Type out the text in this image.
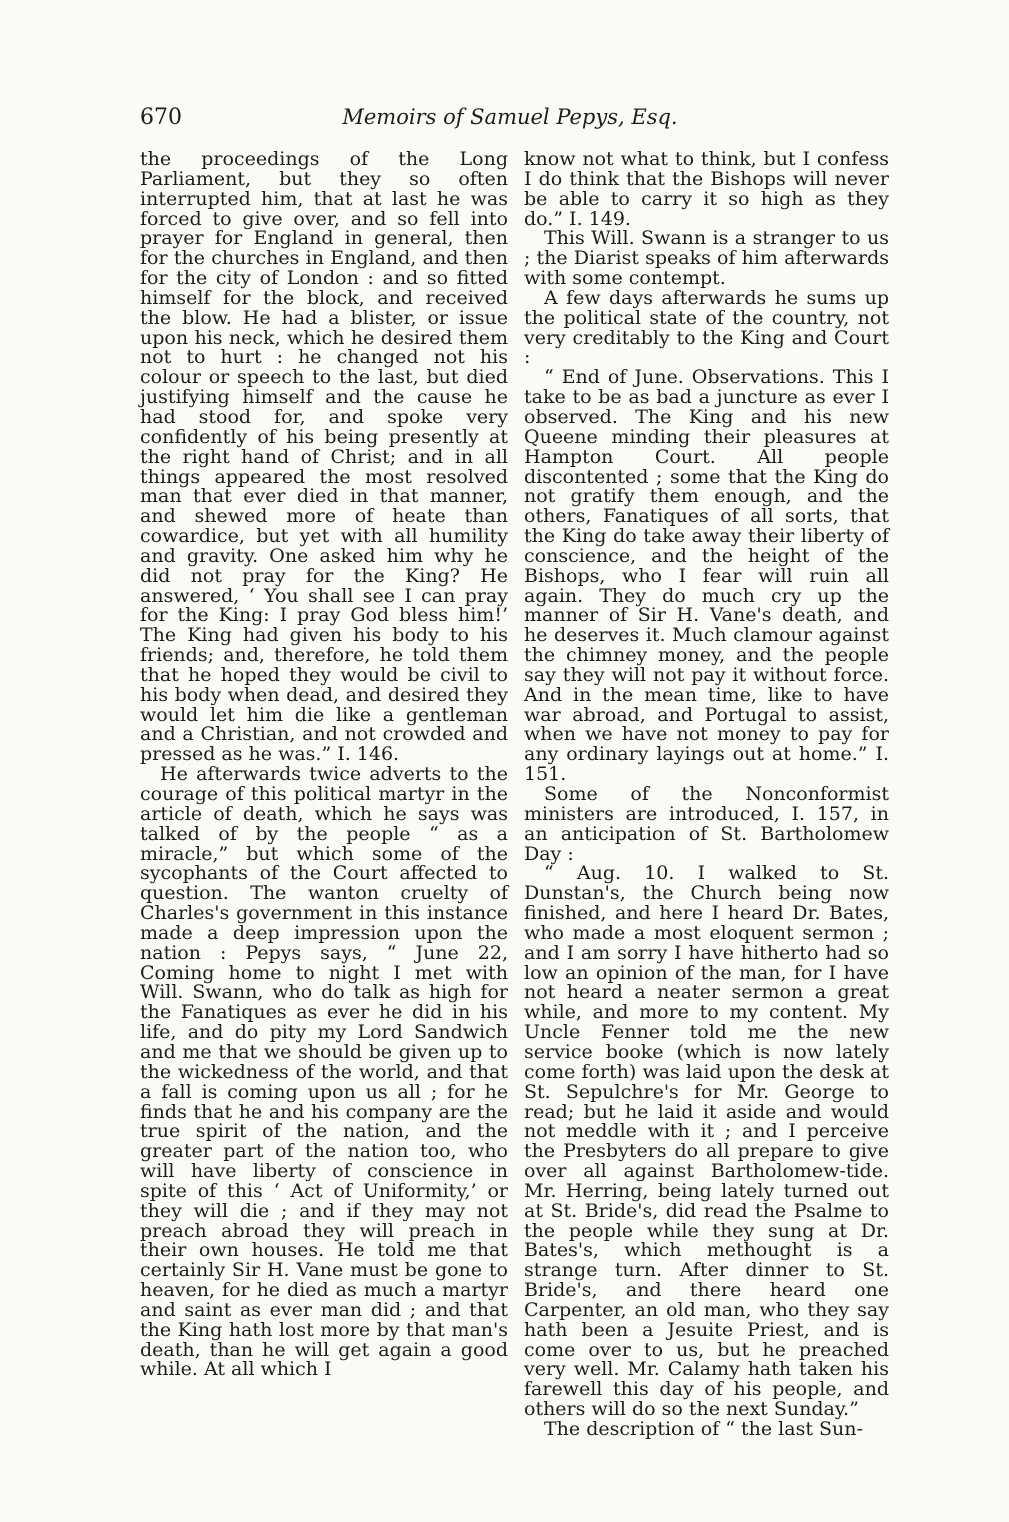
670	Memoirs of Samuel Pepys, Esq.

the proceedings of the Long Parliament, but they so often interrupted him, that at last he was forced to give over, and so fell into prayer for England in general, then for the churches in England, and then for the city of London : and so fitted himself for the block, and received the blow. He had a blister, or issue upon his neck, which he desired them not to hurt : he changed not his colour or speech to the last, but died justifying himself and the cause he had stood for, and spoke very confidently of his being presently at the right hand of Christ; and in all things appeared the most resolved man that ever died in that manner, and shewed more of heate than cowardice, but yet with all humility and gravity. One asked him why he did not pray for the King? He answered, ‘ You shall see I can pray for the King: I pray God bless him!’ The King had given his body to his friends; and, therefore, he told them that he hoped they would be civil to his body when dead, and desired they would let him die like a gentleman and a Christian, and not crowded and pressed as he was.” I. 146.

He afterwards twice adverts to the courage of this political martyr in the article of death, which he says was talked of by the people “ as a miracle,” but which some of the sycophants of the Court affected to question. The wanton cruelty of Charles's government in this instance made a deep impression upon the nation : Pepys says, “ June 22, Coming home to night I met with Will. Swann, who do talk as high for the Fanatiques as ever he did in his life, and do pity my Lord Sandwich and me that we should be given up to the wickedness of the world, and that a fall is coming upon us all ; for he finds that he and his company are the true spirit of the nation, and the greater part of the nation too, who will have liberty of conscience in spite of this ‘ Act of Uniformity,’ or they will die ; and if they may not preach abroad they will preach in their own houses. He told me that certainly Sir H. Vane must be gone to heaven, for he died as much a martyr and saint as ever man did ; and that the King hath lost more by that man's death, than he will get again a good while. At all which I

know not what to think, but I confess I do think that the Bishops will never be able to carry it so high as they do.” I. 149.

This Will. Swann is a stranger to us ; the Diarist speaks of him afterwards with some contempt.

A few days afterwards he sums up the political state of the country, not very creditably to the King and Court :

“ End of June. Observations. This I take to be as bad a juncture as ever I observed. The King and his new Queene minding their pleasures at Hampton Court. All people discontented ; some that the King do not gratify them enough, and the others, Fanatiques of all sorts, that the King do take away their liberty of conscience, and the height of the Bishops, who I fear will ruin all again. They do much cry up the manner of Sir H. Vane's death, and he deserves it. Much clamour against the chimney money, and the people say they will not pay it without force. And in the mean time, like to have war abroad, and Portugal to assist, when we have not money to pay for any ordinary layings out at home.” I. 151.

Some of the Nonconformist ministers are introduced, I. 157, in an anticipation of St. Bartholomew Day :

“ Aug. 10. I walked to St. Dunstan's, the Church being now finished, and here I heard Dr. Bates, who made a most eloquent sermon ; and I am sorry I have hitherto had so low an opinion of the man, for I have not heard a neater sermon a great while, and more to my content. My Uncle Fenner told me the new service booke (which is now lately come forth) was laid upon the desk at St. Sepulchre's for Mr. George to read; but he laid it aside and would not meddle with it ; and I perceive the Presbyters do all prepare to give over all against Bartholomew-tide. Mr. Herring, being lately turned out at St. Bride's, did read the Psalme to the people while they sung at Dr. Bates's, which methought is a strange turn. After dinner to St. Bride's, and there heard one Carpenter, an old man, who they say hath been a Jesuite Priest, and is come over to us, but he preached very well. Mr. Calamy hath taken his farewell this day of his people, and others will do so the next Sunday.”

The description of “ the last Sun-
